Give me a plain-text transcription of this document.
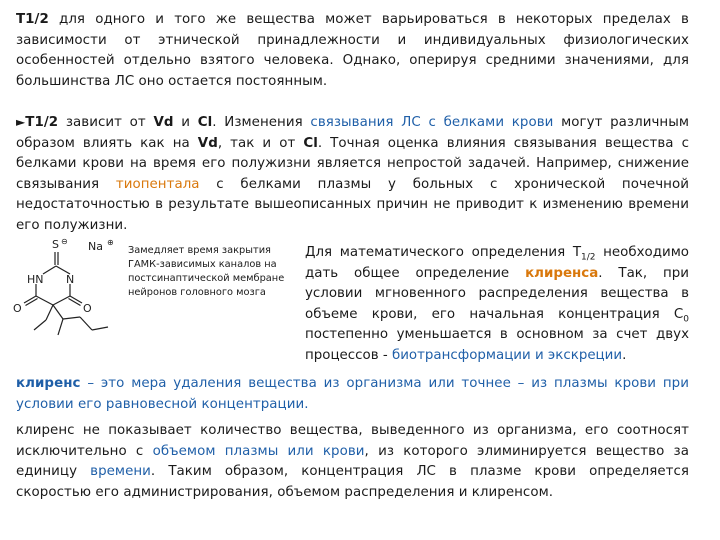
T1/2 для одного и того же вещества может варьироваться в некоторых пределах в зависимости от этнической принадлежности и индивидуальных физиологических особенностей отдельно взятого человека. Однако, оперируя средними значениями, для большинства ЛС оно остается постоянным.
►T1/2 зависит от Vd и Cl. Изменения связывания ЛС с белками крови могут различным образом влиять как на Vd, так и от Cl. Точная оценка влияния связывания вещества с белками крови на время его полужизни является непростой задачей. Например, снижение связывания тиопентала с белками плазмы у больных с хронической почечной недостаточностью в результате вышеописанных причин не приводит к изменению времени его полужизни.
S ⊖ Na ⊕
HN N
O	O
Замедляет время закрытия ГАМК-зависимых каналов на постсинаптической мембране нейронов головного мозга
Для математического определения $Т_{1/2}$ необходимо дать общее определение клиренса. Так, при условии мгновенного распределения вещества в объеме крови, его начальная концентрация $С_0$ постепенно уменьшается в основном за счет двух процессов - биотрансформации и экскреции.
клиренс – это мера удаления вещества из организма или точнее – из плазмы крови при условии его равновесной концентрации.
клиренс не показывает количество вещества, выведенного из организма, его соотносят исключительно с объемом плазмы или крови, из которого элиминируется вещество за единицу времени. Таким образом, концентрация ЛС в плазме крови определяется скоростью его администрирования, объемом распределения и клиренсом.
